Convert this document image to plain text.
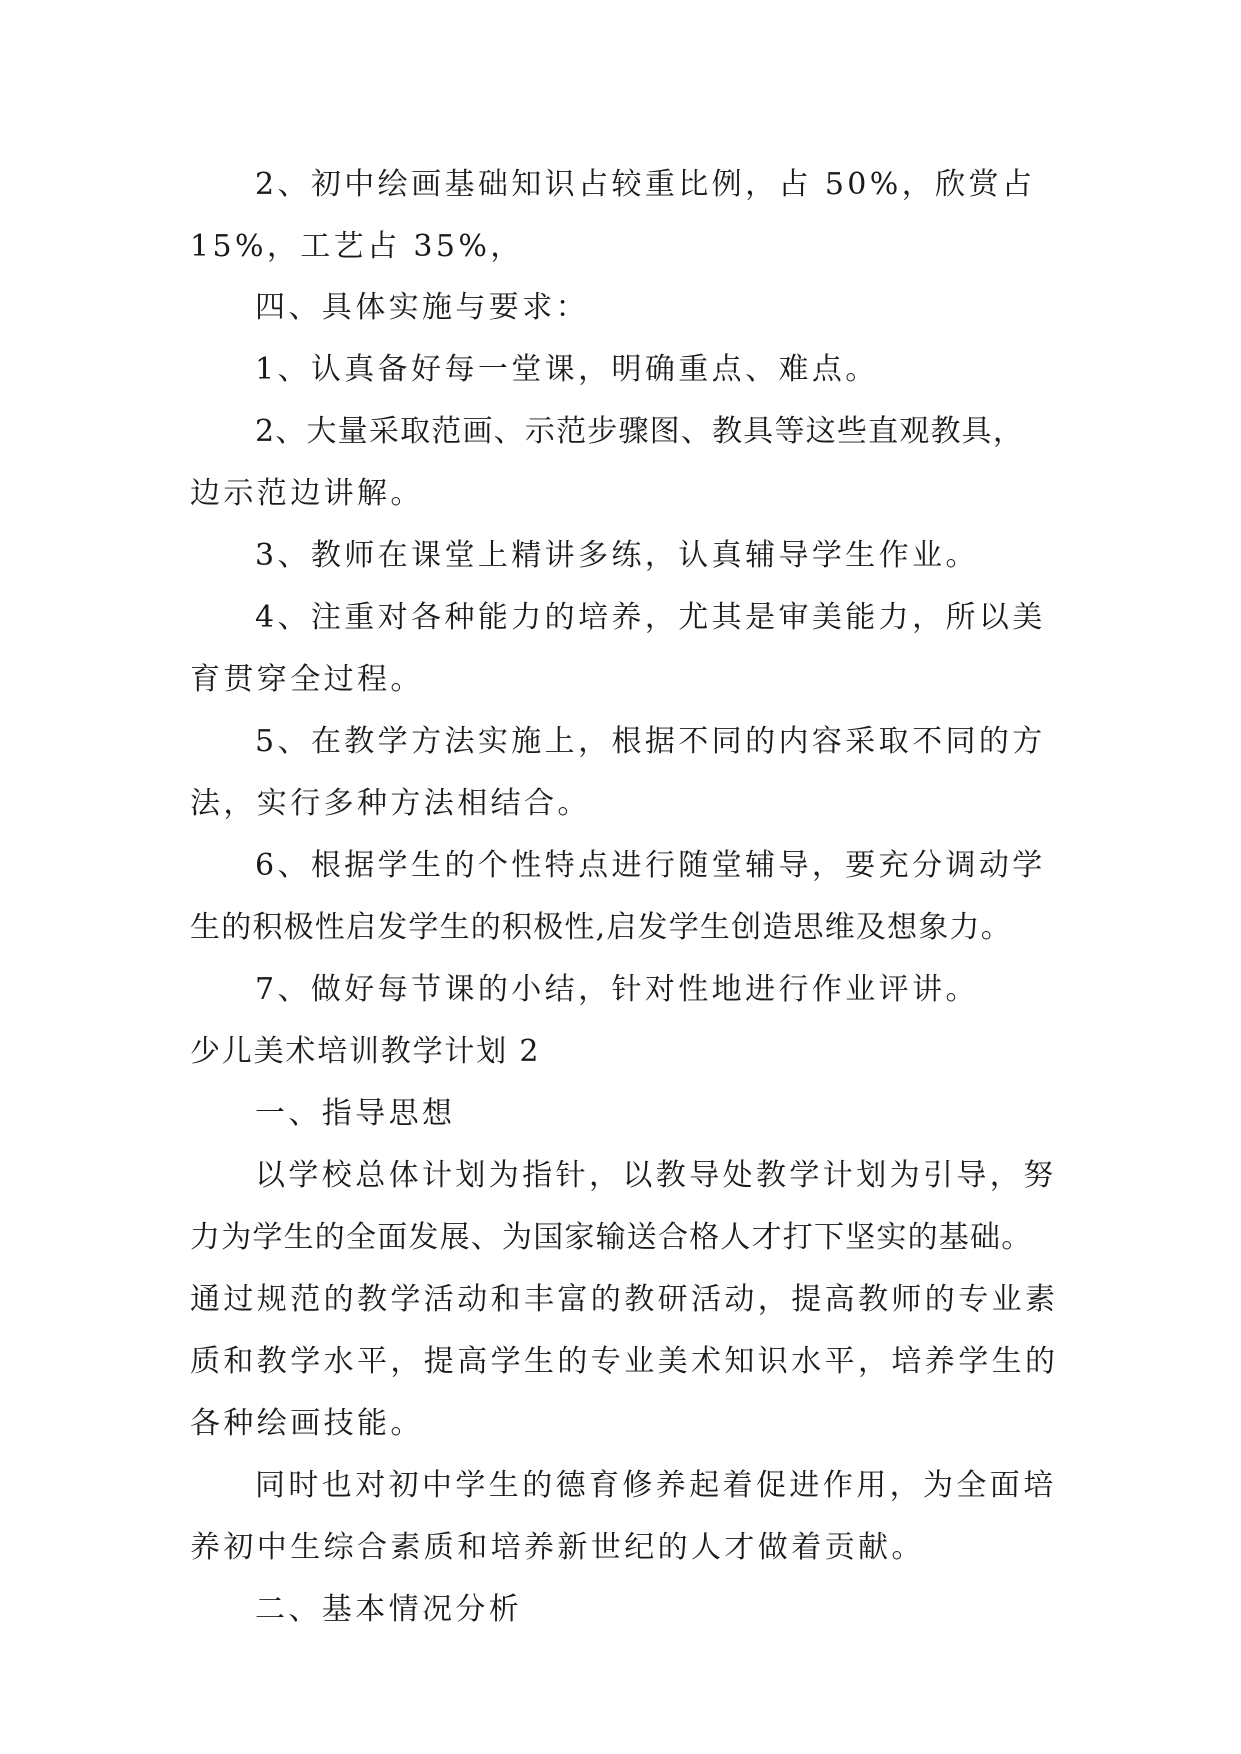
2、初中绘画基础知识占较重比例，占 50%，欣赏占
15%，工艺占 35%，
四、具体实施与要求：
1、认真备好每一堂课，明确重点、难点。
2、大量采取范画、示范步骤图、教具等这些直观教具，
边示范边讲解。
3、教师在课堂上精讲多练，认真辅导学生作业。
4、注重对各种能力的培养，尤其是审美能力，所以美
育贯穿全过程。
5、在教学方法实施上，根据不同的内容采取不同的方
法，实行多种方法相结合。
6、根据学生的个性特点进行随堂辅导，要充分调动学
生的积极性启发学生的积极性,启发学生创造思维及想象力。
7、做好每节课的小结，针对性地进行作业评讲。
少儿美术培训教学计划 2
一、指导思想
以学校总体计划为指针，以教导处教学计划为引导，努
力为学生的全面发展、为国家输送合格人才打下坚实的基础。
通过规范的教学活动和丰富的教研活动，提高教师的专业素
质和教学水平，提高学生的专业美术知识水平，培养学生的
各种绘画技能。
同时也对初中学生的德育修养起着促进作用，为全面培
养初中生综合素质和培养新世纪的人才做着贡献。
二、基本情况分析
